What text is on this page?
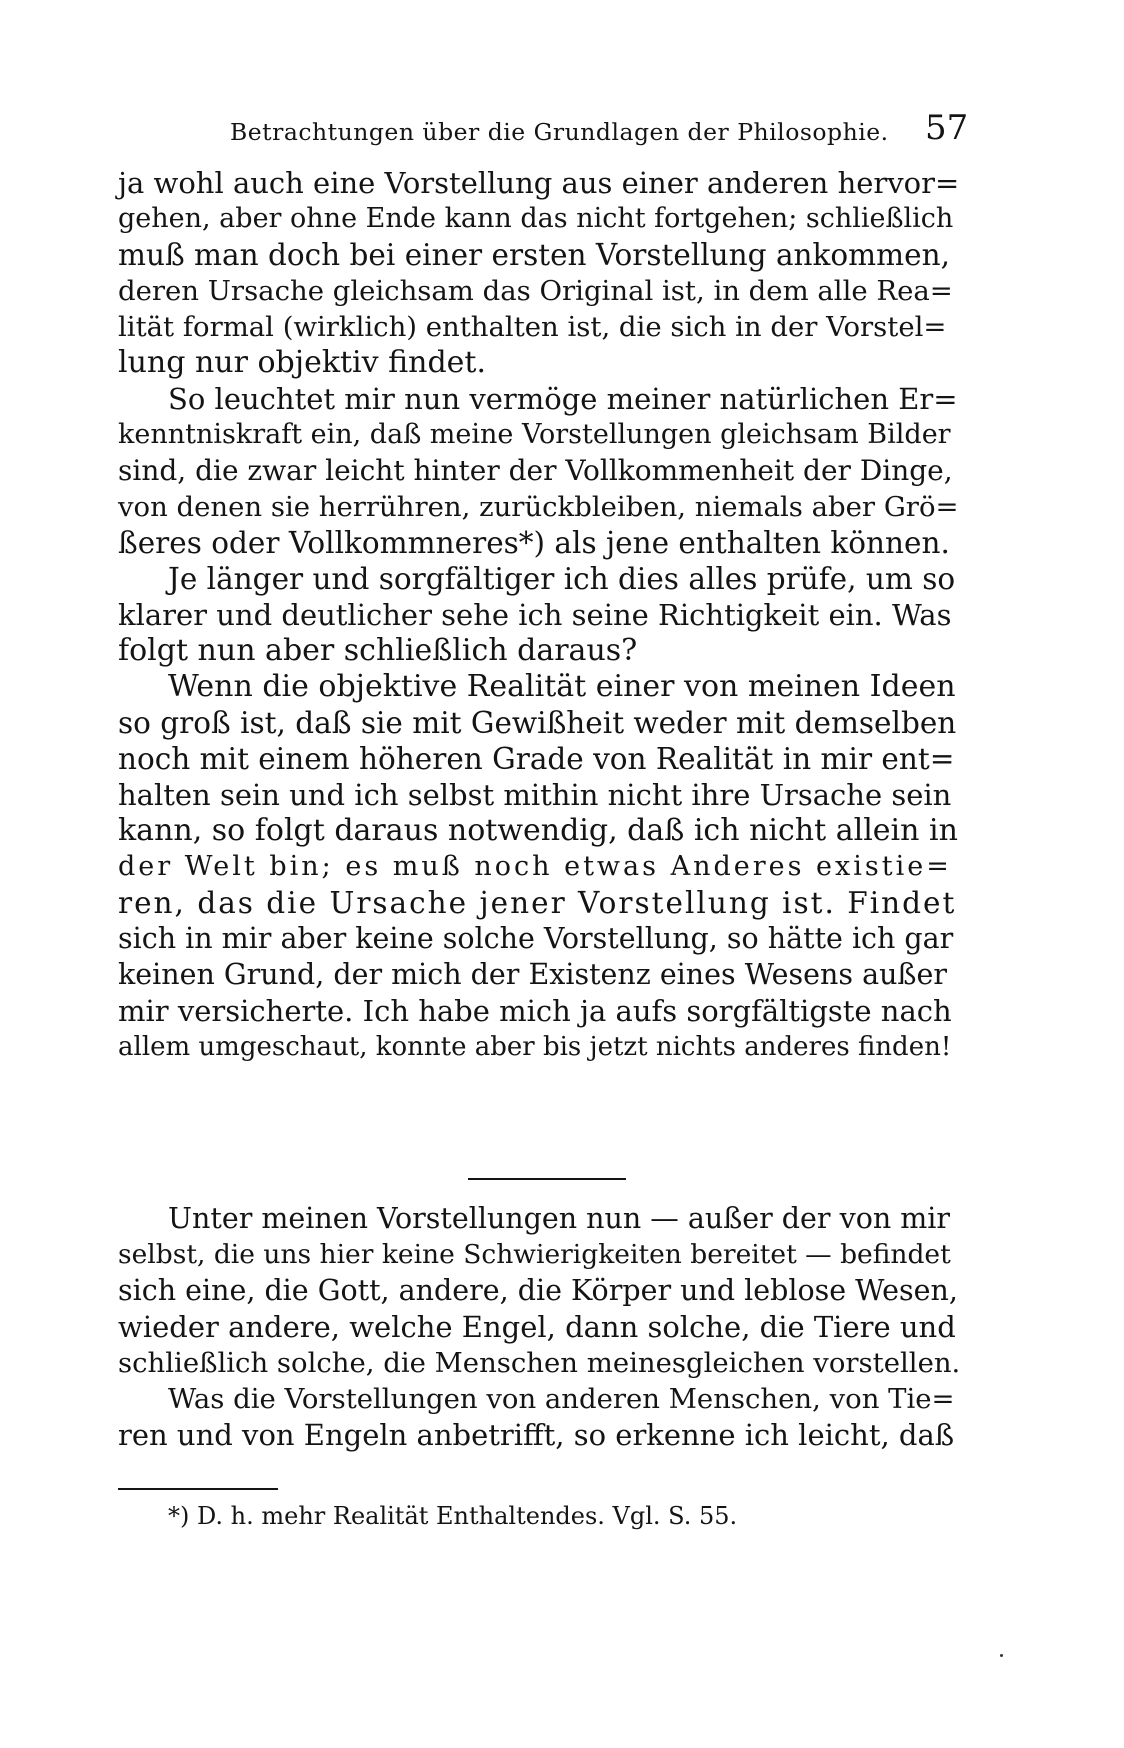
Betrachtungen über die Grundlagen der Philosophie. 57
ja wohl auch eine Vorstellung aus einer anderen hervor=
gehen, aber ohne Ende kann das nicht fortgehen; schließlich
muß man doch bei einer ersten Vorstellung ankommen,
deren Ursache gleichsam das Original ist, in dem alle Rea=
lität formal (wirklich) enthalten ist, die sich in der Vorstel=
lung nur objektiv findet.
So leuchtet mir nun vermöge meiner natürlichen Er=
kenntniskraft ein, daß meine Vorstellungen gleichsam Bilder
sind, die zwar leicht hinter der Vollkommenheit der Dinge,
von denen sie herrühren, zurückbleiben, niemals aber Grö=
ßeres oder Vollkommneres*) als jene enthalten können.
Je länger und sorgfältiger ich dies alles prüfe, um so
klarer und deutlicher sehe ich seine Richtigkeit ein. Was
folgt nun aber schließlich daraus?
Wenn die objektive Realität einer von meinen Ideen
so groß ist, daß sie mit Gewißheit weder mit demselben
noch mit einem höheren Grade von Realität in mir ent=
halten sein und ich selbst mithin nicht ihre Ursache sein
kann, so folgt daraus notwendig, daß ich nicht allein in
der Welt bin; es muß noch etwas Anderes existie=
ren, das die Ursache jener Vorstellung ist. Findet
sich in mir aber keine solche Vorstellung, so hätte ich gar
keinen Grund, der mich der Existenz eines Wesens außer
mir versicherte. Ich habe mich ja aufs sorgfältigste nach
allem umgeschaut, konnte aber bis jetzt nichts anderes finden!
Unter meinen Vorstellungen nun — außer der von mir
selbst, die uns hier keine Schwierigkeiten bereitet — befindet
sich eine, die Gott, andere, die Körper und leblose Wesen,
wieder andere, welche Engel, dann solche, die Tiere und
schließlich solche, die Menschen meinesgleichen vorstellen.
Was die Vorstellungen von anderen Menschen, von Tie=
ren und von Engeln anbetrifft, so erkenne ich leicht, daß
*) D. h. mehr Realität Enthaltendes. Vgl. S. 55.
